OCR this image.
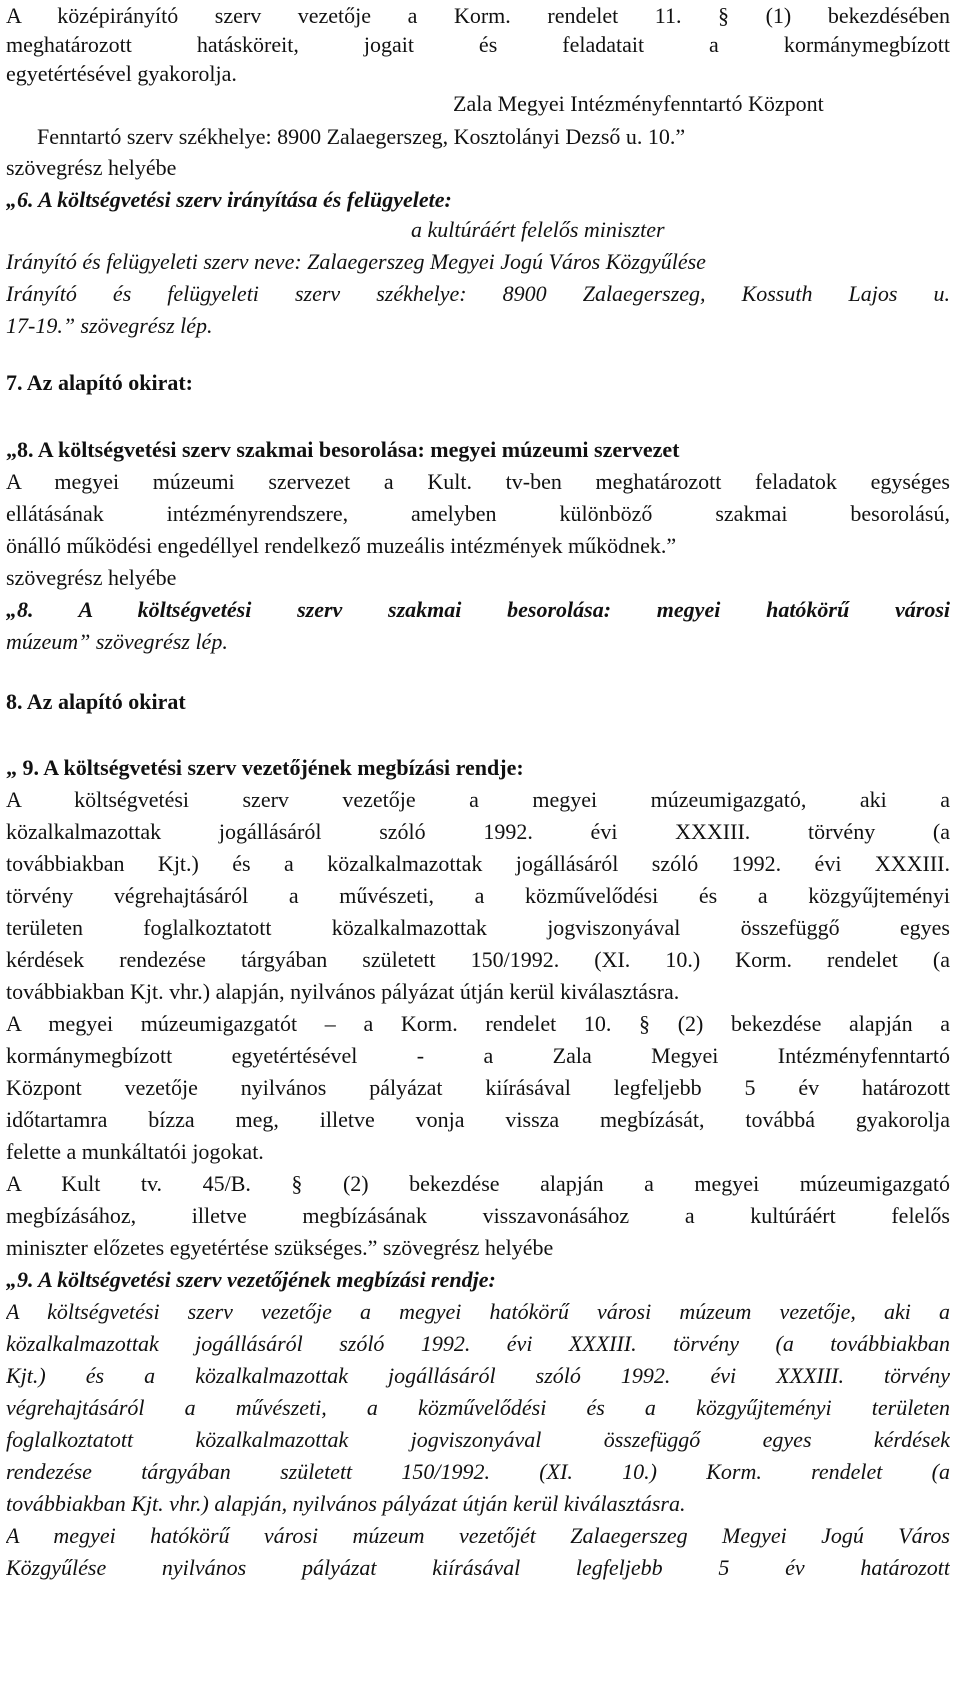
A középirányító szerv vezetője a Korm. rendelet 11. § (1) bekezdésében
meghatározott hatásköreit, jogait és feladatait a kormánymegbízott
egyetértésével gyakorolja.

Zala Megyei Intézményfenntartó Központ

Fenntartó szerv székhelye: 8900 Zalaegerszeg, Kosztolányi Dezső u. 10.”
szövegrész helyébe
„6. A költségvetési szerv irányítása és felügyelete:

a kultúráért felelős miniszter

Irányító és felügyeleti szerv neve: Zalaegerszeg Megyei Jogú Város Közgyűlése
Irányító és felügyeleti szerv székhelye: 8900 Zalaegerszeg, Kossuth Lajos u.
17-19.” szövegrész lép.
7. Az alapító okirat:
„8. A költségvetési szerv szakmai besorolása: megyei múzeumi szervezet
A megyei múzeumi szervezet a Kult. tv-ben meghatározott feladatok egységes
ellátásának intézményrendszere, amelyben különböző szakmai besorolású,
önálló működési engedéllyel rendelkező muzeális intézmények működnek.”
szövegrész helyébe
„8. A költségvetési szerv szakmai besorolása: megyei hatókörű városi
múzeum” szövegrész lép.
8. Az alapító okirat
„ 9. A költségvetési szerv vezetőjének megbízási rendje:
A költségvetési szerv vezetője a megyei múzeumigazgató, aki a
közalkalmazottak jogállásáról szóló 1992. évi XXXIII. törvény (a
továbbiakban Kjt.) és a közalkalmazottak jogállásáról szóló 1992. évi XXXIII.
törvény végrehajtásáról a művészeti, a közművelődési és a közgyűjteményi
területen foglalkoztatott közalkalmazottak jogviszonyával összefüggő egyes
kérdések rendezése tárgyában született 150/1992. (XI. 10.) Korm. rendelet (a
továbbiakban Kjt. vhr.) alapján, nyilvános pályázat útján kerül kiválasztásra.
A megyei múzeumigazgatót – a Korm. rendelet 10. § (2) bekezdése alapján a
kormánymegbízott egyetértésével - a Zala Megyei Intézményfenntartó
Központ vezetője nyilvános pályázat kiírásával legfeljebb 5 év határozott
időtartamra bízza meg, illetve vonja vissza megbízását, továbbá gyakorolja
felette a munkáltatói jogokat.
A Kult tv. 45/B. § (2) bekezdése alapján a megyei múzeumigazgató
megbízásához, illetve megbízásának visszavonásához a kultúráért felelős
miniszter előzetes egyetértése szükséges.” szövegrész helyébe
„9. A költségvetési szerv vezetőjének megbízási rendje:
A költségvetési szerv vezetője a megyei hatókörű városi múzeum vezetője, aki a
közalkalmazottak jogállásáról szóló 1992. évi XXXIII. törvény (a továbbiakban
Kjt.) és a közalkalmazottak jogállásáról szóló 1992. évi XXXIII. törvény
végrehajtásáról a művészeti, a közművelődési és a közgyűjteményi területen
foglalkoztatott közalkalmazottak jogviszonyával összefüggő egyes kérdések
rendezése tárgyában született 150/1992. (XI. 10.) Korm. rendelet (a
továbbiakban Kjt. vhr.) alapján, nyilvános pályázat útján kerül kiválasztásra.
A megyei hatókörű városi múzeum vezetőjét Zalaegerszeg Megyei Jogú Város
Közgyűlése nyilvános pályázat kiírásával legfeljebb 5 év határozott
